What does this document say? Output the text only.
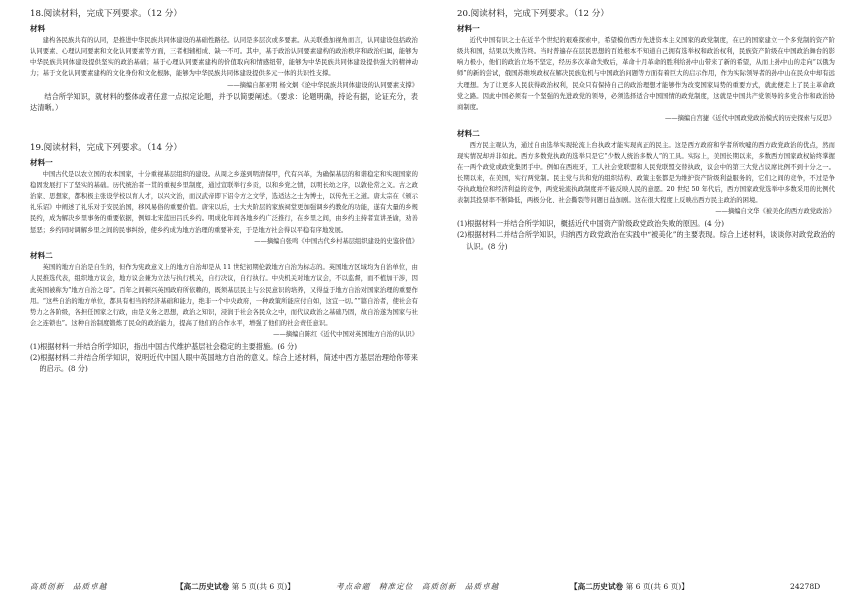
18.阅读材料，完成下列要求。（12 分）

材料

建构各民族共有的认同，是推进中华民族共同体建设的基础性路径。认同是多层次或多要素。从关联叠加视角而言，认同建设包括政治认同要素、心理认同要素和文化认同要素等方面，三者相辅相成、缺一不可。其中，基于政治认同要素建构的政治秩序和政治归属，能够为中华民族共同体建设提供坚实的政治基础；基于心理认同要素建构的价值取向和情感纽带，能够为中华民族共同体建设提供强大的精神动力；基于文化认同要素建构的文化身份和文化根脉，能够为中华民族共同体建设提供多元一体的共识性支撑。

——摘编自郝亚明 杨文炯《论中华民族共同体建设的认同要素支撑》

结合所学知识，就材料的整体或者任意一点拟定论题，并予以简要阐述。（要求：论题明确，持论有据，论证充分，表达清晰。）

19.阅读材料，完成下列要求。（14 分）

材料一

中国古代是以农立国的农本国家，十分重视基层组织的建设。从周之乡遂到明清保甲，代有兴革，为确保基层的和谐稳定和实现国家的稳固发展打下了坚实的基础。历代统治者一贯的重视乡里制度，通过宣联举行乡贡，以和乡党之情，以明长幼之序，以敦伦常之义。古之政治家、思想家，都积极主张设学校以育人才，以兴文治，而汉武帝即下诏令方之文学，选适达之士为博士，以传先王之道。唐太宗在《颁示礼乐诏》中阐述了礼乐对于安民治国，移风易俗的重要价值。唐宋以后，士大夫阶层的家族祠堂更加强调乡约教化的功能，遂有大量的乡规民约，成为解决乡里事务的重要依据，例如北宋蓝田吕氏乡约。明成化年间各地乡约广泛推行，在乡里之间，由乡约主持者宣讲圣谕，劝善惩恶；乡约同时调解乡里之间的民事纠纷，使乡约成为地方治理的重要补充，于是地方社会得以平稳有序地发展。

——摘编自张鸣《中国古代乡村基层组织建设的史鉴价值》

材料二

英国的地方自治是自生的，但作为宪政意义上的地方自治却是从 11 世纪初期伦敦地方自治为标志的。英国地方区域均为自治单位，由人民推选代表，组织地方议会，地方议会兼为立法与执行机关，自行决议，自行执行。中央机关对地方议会，不以监督，而不植加干涉，因此英国被称为“地方自治之母”。百年之间顿兴英国政府所依赖的，既须基层民主与公民意识的培养，又得益于地方自治对国家治理的重要作用。“这些自治的地方单位，都具有相当的经济基础和能力，绝非一个中央政府，一种政策所能应付自如，这宜一切。”“篇自治者，使社会有势力之各阶级，各担任国家之行政，由是义务之思想，政治之知识，浸润于社会各民众之中，而代议政治之基础乃固，故自治遂为国家与社会之连锁也”。这种自治制度锻炼了民众的政治能力，提高了他们的合作水平，增强了他们的社会责任意识。

——摘编自陈红《近代中国对英国地方自治的认识》

(1)根据材料一并结合所学知识，指出中国古代维护基层社会稳定的主要措施。(6 分)

(2)根据材料二并结合所学知识，说明近代中国人眼中英国地方自治的意义。综合上述材料，简述中西方基层治理给你带来的启示。(8 分)

20.阅读材料，完成下列要求。（12 分）

材料一

近代中国有识之士在近半个世纪的艰难探索中，希望模仿西方先进资本主义国家的政党制度，在已的国家建立一个多党制的资产阶级共和国，结果以失败告终。当时普遍存在层民思想的百姓根本不知道自己拥有选举权和政治权利，民族资产阶级在中国政治舞台的影响力极小，他们的政治立场不坚定，经历多次革命失败后，革命十月革命的胜利给孙中山带来了新的希望，从而上孙中山的走向“以俄为师”的新的尝试，俄国苏维埃政权在解决民族危机与中国政治问题等方面有着巨大的启示作用，作为实际领导者的孙中山在民众中却有远大理想。为了让更多人民获得政治权利，民众只有保持自己的政治理想才能够作为改变国家局势的重要方式，就此便走上了民主革命政党之路。因此中国必须有一个坚强的先进政党的领导，必须选择适合中国国情的政党制度，这就是中国共产党领导的多党合作和政治协商制度。

——摘编自宫捷《近代中国政党政治模式的历史探索与反思》

材料二

西方民主观认为，通过自由选举实现轮流上台执政才能实现真正的民主。这是西方政府和学者所吹嘘的西方政党政治的优点，然而现实情况却并非如此。西方多数党执政的选举只是它“少数人统治多数人”的工具。实际上，美国长期以来，多数西方国家政权始终掌握在一两个政党或政党集团手中。例如在西班牙，工人社会党联盟和人民党联盟交替执政，议会中的第三大党占议席比例不到十分之一。长期以来，在美国，实行两党制。民主党与共和党的组织结构、政策主张都是为维护资产阶级利益服务的，它们之间的竞争，不过是争夺执政地位和经济利益的竞争，两党轮流执政制度并不能反映人民的意愿。20 世纪 50 年代后，西方国家政党选举中多数采用的比例代表制其投票率不断降低，两极分化、社会撕裂等问题日益加剧。这在很大程度上反映出西方民主政治的困境。

——摘编自文华《被美化的西方政党政治》

(1)根据材料一并结合所学知识，概括近代中国资产阶级政党政治失败的原因。(4 分)

(2)根据材料二并结合所学知识，归纳西方政党政治在实践中“被美化”的主要表现。综合上述材料，谈谈你对政党政治的认识。(8 分)

高质创新　品质卓越	【高二历史试卷 第 5 页(共 6 页)】	考点命题　精准定位　高质创新　品质卓越	【高二历史试卷 第 6 页(共 6 页)】	24278D
